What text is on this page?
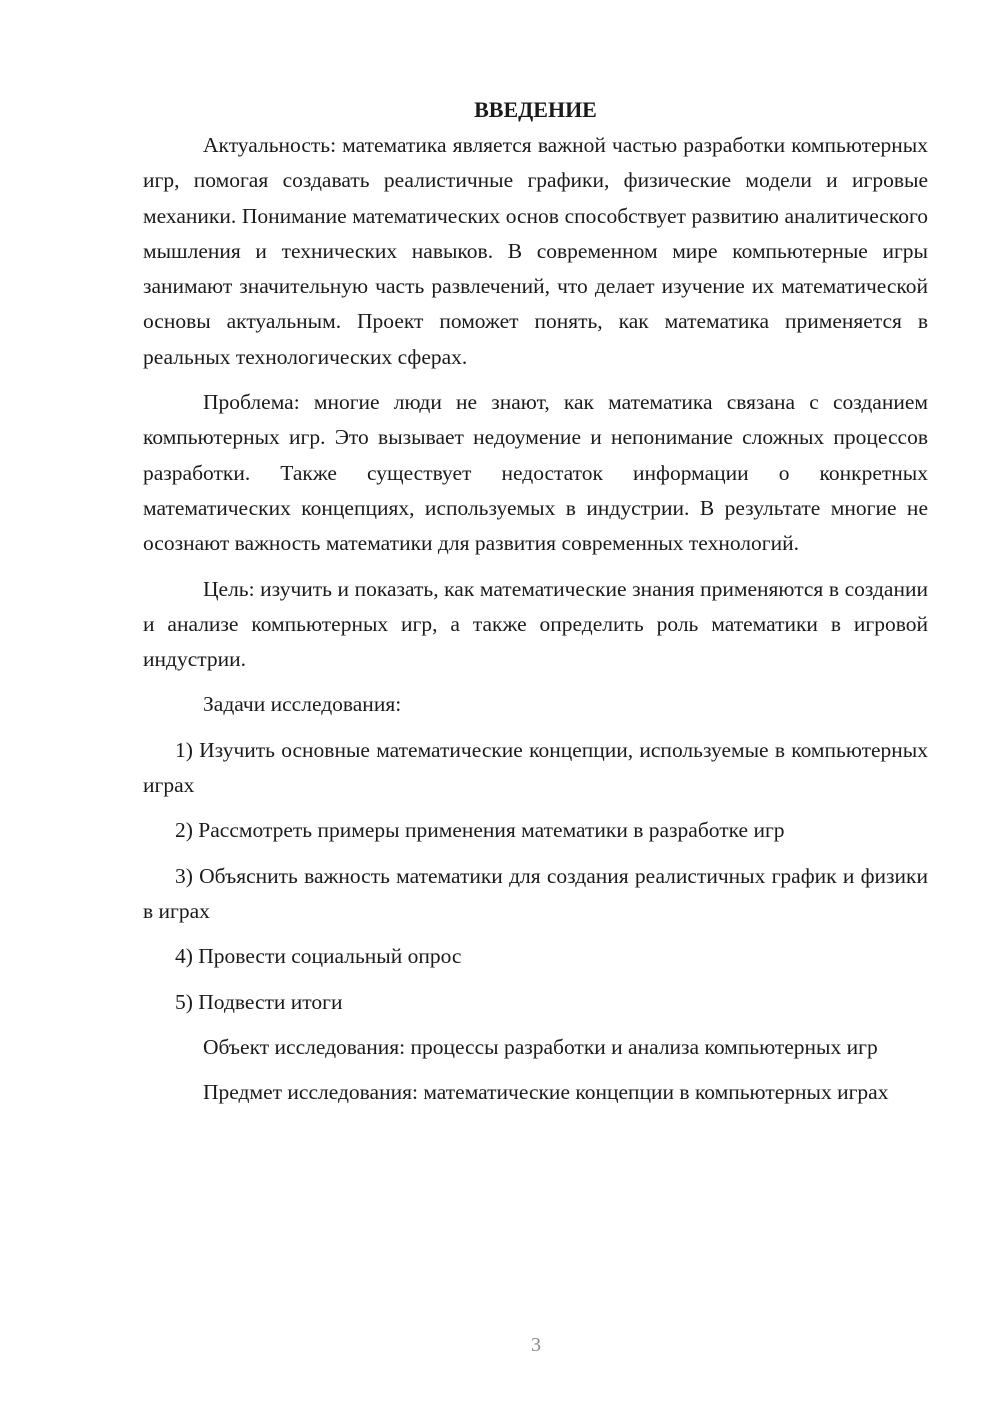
ВВЕДЕНИЕ

Актуальность: математика является важной частью разработки компьютерных игр, помогая создавать реалистичные графики, физические модели и игровые механики. Понимание математических основ способствует развитию аналитического мышления и технических навыков. В современном мире компьютерные игры занимают значительную часть развлечений, что делает изучение их математической основы актуальным. Проект поможет понять, как математика применяется в реальных технологических сферах.

Проблема: многие люди не знают, как математика связана с созданием компьютерных игр. Это вызывает недоумение и непонимание сложных процессов разработки. Также существует недостаток информации о конкретных математических концепциях, используемых в индустрии. В результате многие не осознают важность математики для развития современных технологий.

Цель: изучить и показать, как математические знания применяются в создании и анализе компьютерных игр, а также определить роль математики в игровой индустрии.

Задачи исследования:

1) Изучить основные математические концепции, используемые в компьютерных играх

2) Рассмотреть примеры применения математики в разработке игр

3) Объяснить важность математики для создания реалистичных график и физики в играх

4) Провести социальный опрос

5) Подвести итоги

Объект исследования: процессы разработки и анализа компьютерных игр

Предмет исследования: математические концепции в компьютерных играх

3
